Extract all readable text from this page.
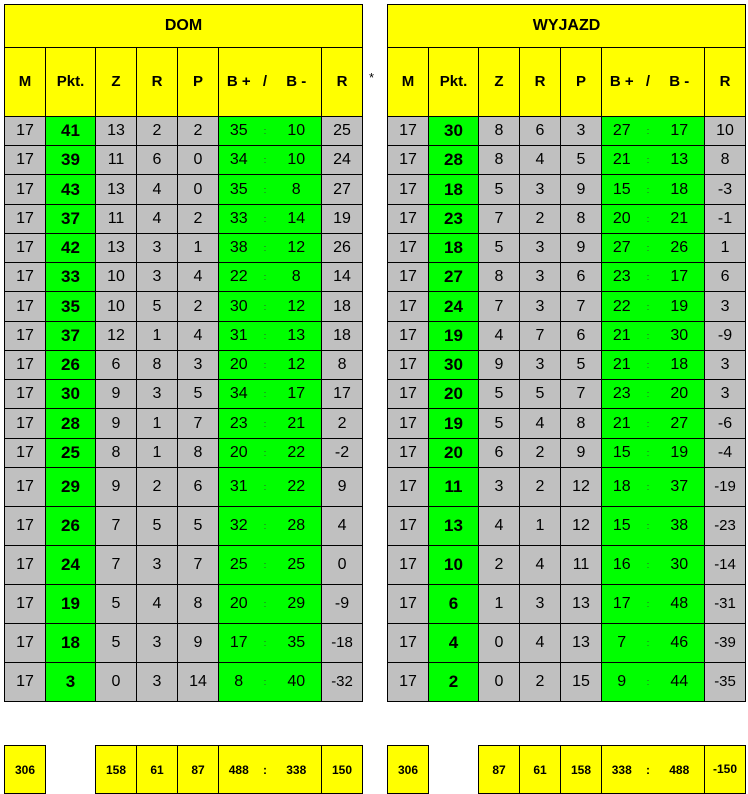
DOM								
M	Pkt.	Z	R	P	B +	/	B -	R
17	41	13	2	2	35	:	10	25
17	39	11	6	0	34	:	10	24
17	43	13	4	0	35	:	8	27
17	37	11	4	2	33	:	14	19
17	42	13	3	1	38	:	12	26
17	33	10	3	4	22	:	8	14
17	35	10	5	2	30	:	12	18
17	37	12	1	4	31	:	13	18
17	26	6	8	3	20	:	12	8
17	30	9	3	5	34	:	17	17
17	28	9	1	7	23	:	21	2
17	25	8	1	8	20	:	22	-2
17	29	9	2	6	31	:	22	9
17	26	7	5	5	32	:	28	4
17	24	7	3	7	25	:	25	0
17	19	5	4	8	20	:	29	-9
17	18	5	3	9	17	:	35	-18
17	3	0	3	14	8	:	40	-32
WYJAZD								
M	Pkt.	Z	R	P	B +	/	B -	R
17	30	8	6	3	27	:	17	10
17	28	8	4	5	21	:	13	8
17	18	5	3	9	15	:	18	-3
17	23	7	2	8	20	:	21	-1
17	18	5	3	9	27	:	26	1
17	27	8	3	6	23	:	17	6
17	24	7	3	7	22	:	19	3
17	19	4	7	6	21	:	30	-9
17	30	9	3	5	21	:	18	3
17	20	5	5	7	23	:	20	3
17	19	5	4	8	21	:	27	-6
17	20	6	2	9	15	:	19	-4
17	11	3	2	12	18	:	37	-19
17	13	4	1	12	15	:	38	-23
17	10	2	4	11	16	:	30	-14
17	6	1	3	13	17	:	48	-31
17	4	0	4	13	7	:	46	-39
17	2	0	2	15	9	:	44	-35
*
306		158	61	87	488	:	338	150	306		87	61	158	338	:	488	-150
